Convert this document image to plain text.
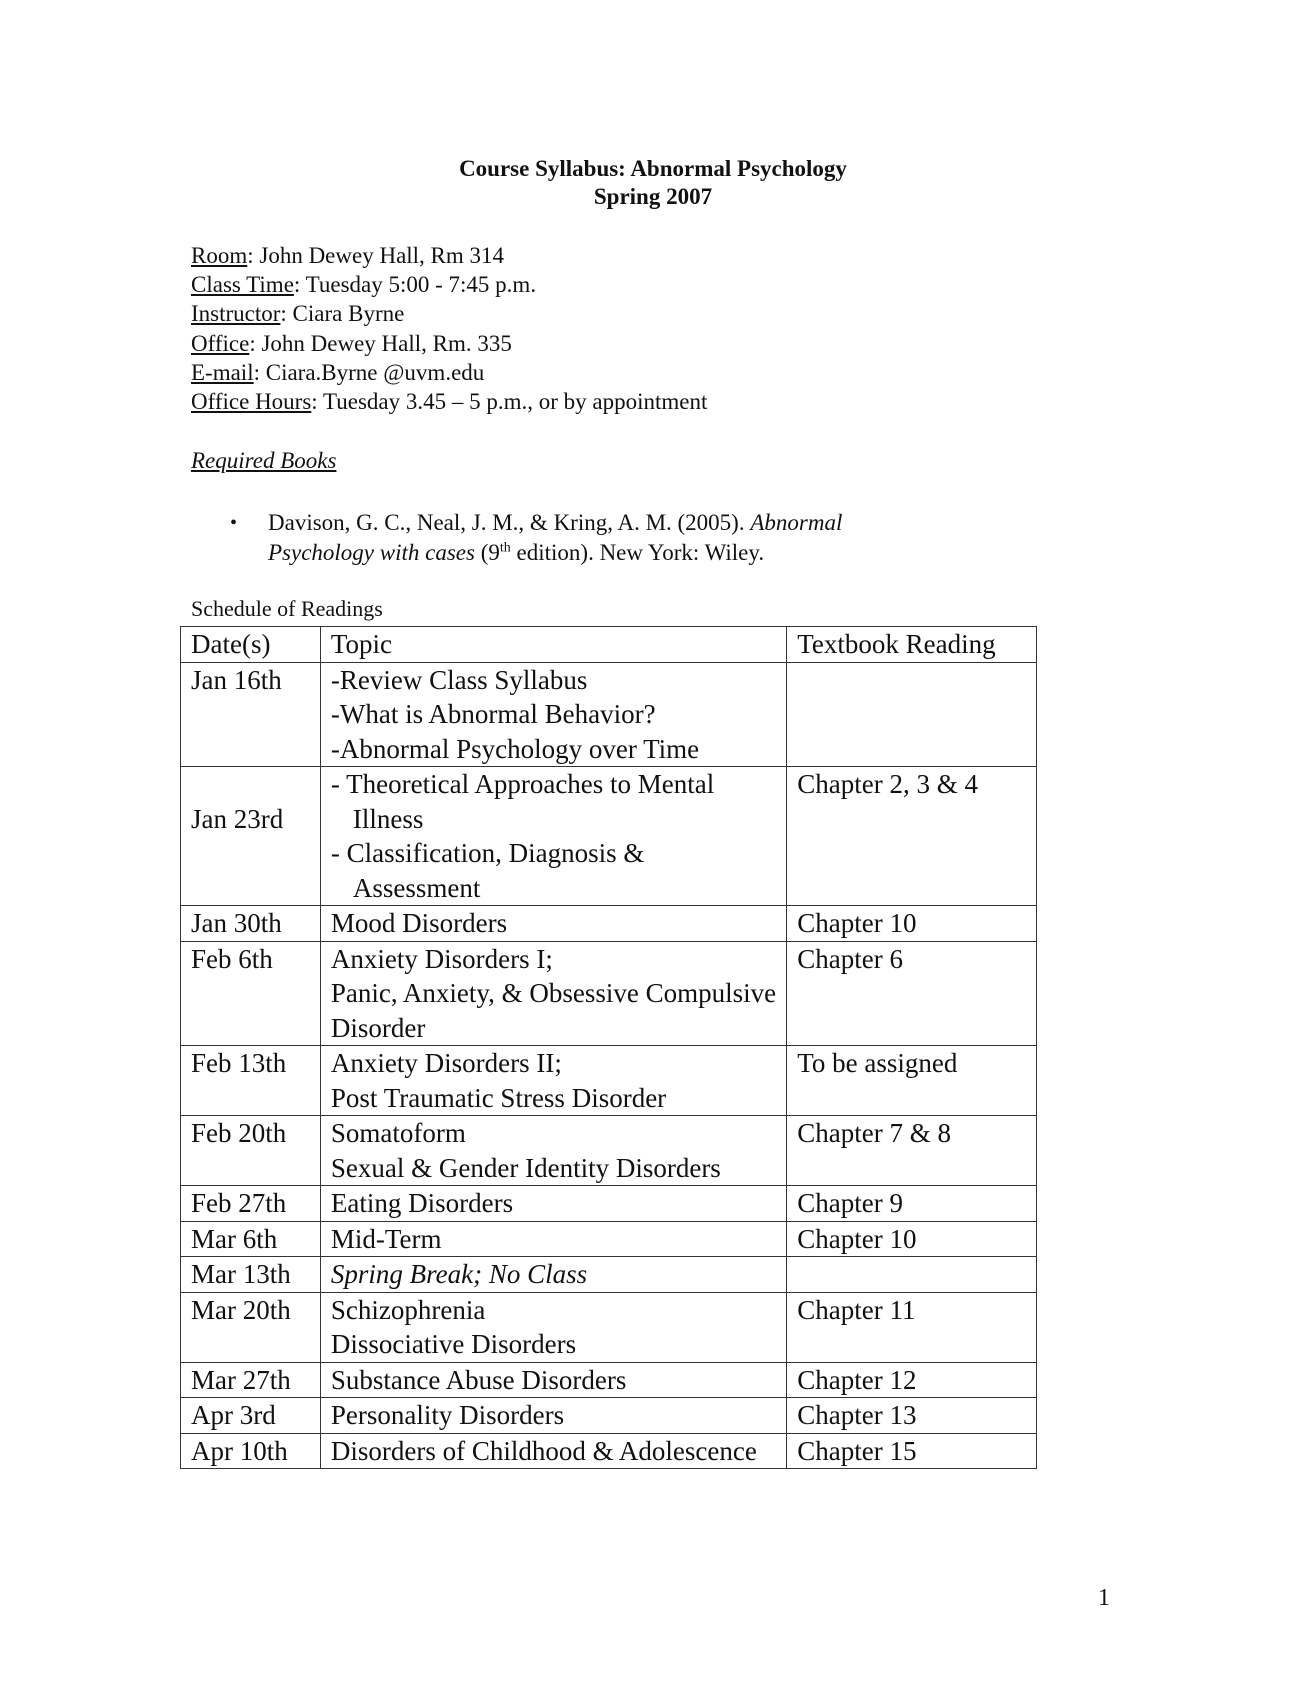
Course Syllabus: Abnormal Psychology
Spring 2007
Room: John Dewey Hall, Rm 314
Class Time: Tuesday 5:00 - 7:45 p.m.
Instructor: Ciara Byrne
Office: John Dewey Hall, Rm. 335
E-mail: Ciara.Byrne @uvm.edu
Office Hours: Tuesday 3.45 – 5 p.m., or by appointment
Required Books
• Davison, G. C., Neal, J. M., & Kring, A. M. (2005). Abnormal Psychology with cases (9th edition). New York: Wiley.
Schedule of Readings
Date(s)	Topic	Textbook Reading
Jan 16th	-Review Class Syllabus
-What is Abnormal Behavior?
-Abnormal Psychology over Time	

Jan 23rd	- Theoretical Approaches to Mental Illness
- Classification, Diagnosis & Assessment	Chapter 2, 3 & 4
Jan 30th	Mood Disorders	Chapter 10
Feb 6th	Anxiety Disorders I;
Panic, Anxiety, & Obsessive Compulsive Disorder	Chapter 6
Feb 13th	Anxiety Disorders II;
Post Traumatic Stress Disorder	To be assigned
Feb 20th	Somatoform
Sexual & Gender Identity Disorders	Chapter 7 & 8
Feb 27th	Eating Disorders	Chapter 9
Mar 6th	Mid-Term	Chapter 10
Mar 13th	Spring Break; No Class	

Mar 20th	Schizophrenia
Dissociative Disorders	Chapter 11
Mar 27th	Substance Abuse Disorders	Chapter 12
Apr 3rd	Personality Disorders	Chapter 13
Apr 10th	Disorders of Childhood & Adolescence	Chapter 15
1
